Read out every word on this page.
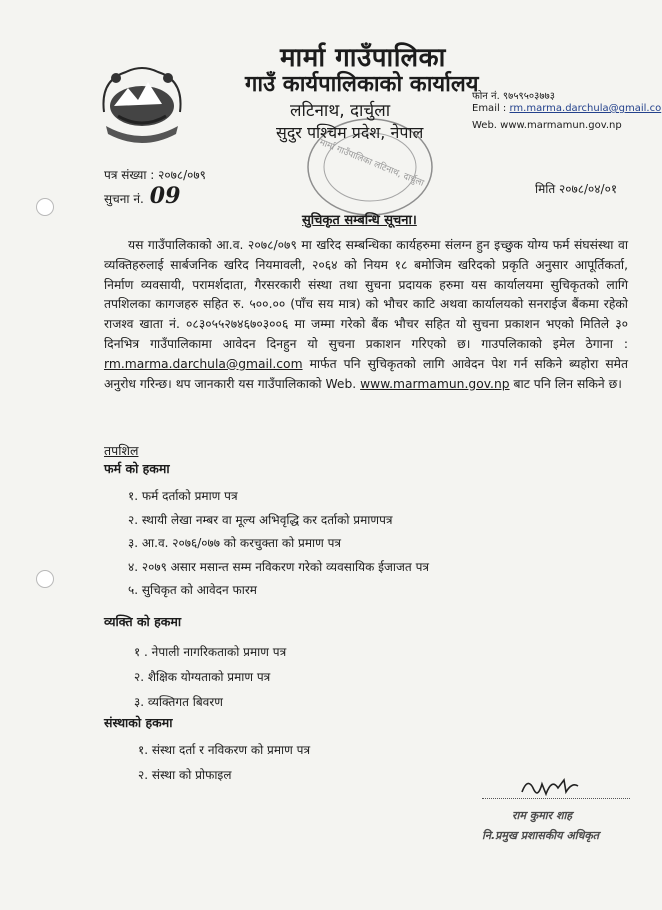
मार्मा गाउँपालिका लटिनाथ, दार्चुला
मार्मा गाउँपालिका
गाउँ कार्यपालिकाको कार्यालय
लटिनाथ, दार्चुला
सुदुर पश्चिम प्रदेश, नेपाल
फोन नं. ९७५९५०३७७३
Email : rm.marma.darchula@gmail.co
Web. www.marmamun.gov.np
पत्र संख्या : २०७८/०७९
सुचना नं. 09	मिति २०७८/०४/०१
सुचिकृत सम्बन्धि सूचना।
यस गाउँपालिकाको आ.व. २०७८/०७९ मा खरिद सम्बन्धिका कार्यहरुमा संलग्न हुन इच्छुक योग्य फर्म संघसंस्था वा व्यक्तिहरुलाई सार्बजनिक खरिद नियमावली, २०६४ को नियम १८ बमोजिम खरिदको प्रकृति अनुसार आपूर्तिकर्ता, निर्माण व्यवसायी, परामर्शदाता, गैरसरकारी संस्था तथा सुचना प्रदायक हरुमा यस कार्यालयमा सुचिकृतको लागि तपशिलका कागजहरु सहित रु. ५००.०० (पाँच सय मात्र) को भौचर काटि अथवा कार्यालयको सनराईज बैंकमा रहेको राजश्व खाता नं. ०८३०५५२७४६७०३००६ मा जम्मा गरेको बैंक भौचर सहित यो सुचना प्रकाशन भएको मितिले ३० दिनभित्र गाउँपालिकामा आवेदन दिनहुन यो सुचना प्रकाशन गरिएको छ। गाउपलिकाको इमेल ठेगाना : rm.marma.darchula@gmail.com मार्फत पनि सुचिकृतको लागि आवेदन पेश गर्न सकिने ब्यहोरा समेत अनुरोध गरिन्छ। थप जानकारी यस गाउँपालिकाको Web. www.marmamun.gov.np बाट पनि लिन सकिने छ।
तपशिल
फर्म को हकमा
१. फर्म दर्ताको प्रमाण पत्र
२. स्थायी लेखा नम्बर वा मूल्य अभिवृद्धि कर दर्ताको प्रमाणपत्र
३. आ.व. २०७६/०७७ को करचुक्ता को प्रमाण पत्र
४. २०७९ असार मसान्त सम्म नविकरण गरेको व्यवसायिक ईजाजत पत्र
५. सुचिकृत को आवेदन फारम
व्यक्ति को हकमा
१ . नेपाली नागरिकताको प्रमाण पत्र
२. शैक्षिक योग्यताको प्रमाण पत्र
३. व्यक्तिगत बिवरण
संस्थाको हकमा
१. संस्था दर्ता र नविकरण को प्रमाण पत्र
२. संस्था को प्रोफाइल
राम कुमार शाह
नि.प्रमुख प्रशासकीय अधिकृत
